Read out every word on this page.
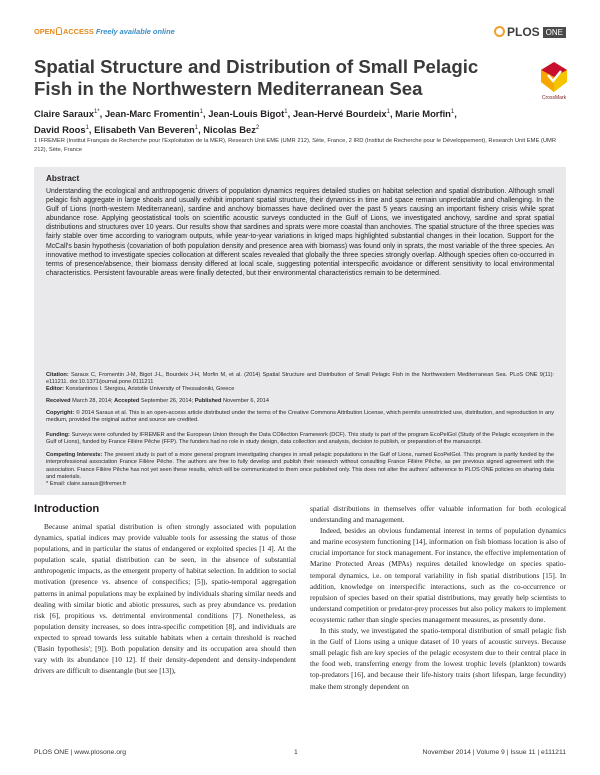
OPEN ACCESS Freely available online	PLOS ONE
Spatial Structure and Distribution of Small Pelagic Fish in the Northwestern Mediterranean Sea	CrossMark
Claire Saraux$^{1*}$, Jean-Marc Fromentin$^1$, Jean-Louis Bigot$^1$, Jean-Hervé Bourdeix$^1$, Marie Morfin$^1$,
David Roos$^1$, Elisabeth Van Beveren$^1$, Nicolas Bez$^2$
1 IFREMER (Institut Français de Recherche pour l'Exploitation de la MER), Research Unit EME (UMR 212), Sète, France, 2 IRD (Institut de Recherche pour le Développement), Research Unit EME (UMR 212), Sète, France
Abstract
Understanding the ecological and anthropogenic drivers of population dynamics requires detailed studies on habitat selection and spatial distribution. Although small pelagic fish aggregate in large shoals and usually exhibit important spatial structure, their dynamics in time and space remain unpredictable and challenging. In the Gulf of Lions (north-western Mediterranean), sardine and anchovy biomasses have declined over the past 5 years causing an important fishery crisis while sprat abundance rose. Applying geostatistical tools on scientific acoustic surveys conducted in the Gulf of Lions, we investigated anchovy, sardine and sprat spatial distributions and structures over 10 years. Our results show that sardines and sprats were more coastal than anchovies. The spatial structure of the three species was fairly stable over time according to variogram outputs, while year-to-year variations in kriged maps highlighted substantial changes in their location. Support for the McCall's basin hypothesis (covariation of both population density and presence area with biomass) was found only in sprats, the most variable of the three species. An innovative method to investigate species collocation at different scales revealed that globally the three species strongly overlap. Although species often co-occurred in terms of presence/absence, their biomass density differed at local scale, suggesting potential interspecific avoidance or different sensitivity to local environmental characteristics. Persistent favourable areas were finally detected, but their environmental characteristics remain to be determined.
Citation: Saraux C, Fromentin J-M, Bigot J-L, Bourdeix J-H, Morfin M, et al. (2014) Spatial Structure and Distribution of Small Pelagic Fish in the Northwestern Mediterranean Sea. PLoS ONE 9(11): e111211. doi:10.1371/journal.pone.0111211
Editor: Konstantinos I. Stergiou, Aristotle University of Thessaloniki, Greece
Copyright: © 2014 Saraux et al. This is an open-access article distributed under the terms of the Creative Commons Attribution License, which permits unrestricted use, distribution, and reproduction in any medium, provided the original author and source are credited.
Funding: Surveys were cofunded by IFREMER and the European Union through the Data COllection Framework (DCF). This study is part of the program EcoPelGol (Study of the Pelagic ecosystem in the Gulf of Lions), funded by France Filière Pêche (FFP). The funders had no role in study design, data collection and analysis, decision to publish, or preparation of the manuscript.
Competing Interests: The present study is part of a more general program investigating changes in small pelagic populations in the Gulf of Lions, named EcoPelGol. This program is partly funded by the interprofessional association France Filière Pêche. The authors are free to fully develop and publish their research without consulting France Filière Pêche, as per previous signed agreement with the association. France Filière Pêche has not yet seen these results, which will be communicated to them once published only. This does not alter the authors' adherence to PLOS ONE policies on sharing data and materials.
Received March 28, 2014; Accepted September 26, 2014; Published November 6, 2014
* Email: claire.saraux@ifremer.fr
Introduction

Because animal spatial distribution is often strongly associated with population dynamics, spatial indices may provide valuable tools for assessing the status of those populations, and in particular the status of endangered or exploited species [1 4]. At the population scale, spatial distribution can be seen, in the absence of substantial anthropogenic impacts, as the emergent property of habitat selection. In addition to social motivation (presence vs. absence of conspecifics; [5]), spatio-temporal aggregation patterns in animal populations may be explained by individuals sharing similar needs and dealing with similar biotic and abiotic pressures, such as prey abundance vs. predation risk [6], propitious vs. detrimental environmental conditions [7]. Nonetheless, as population density increases, so does intra-specific competition [8], and individuals are expected to spread towards less suitable habitats when a certain threshold is reached ('Basin hypothesis'; [9]). Both population density and its occupation area should then vary with its abundance [10 12]. If their density-dependent and density-independent drivers are difficult to disentangle (but see [13]),

spatial distributions in themselves offer valuable information for both ecological understanding and management.

Indeed, besides an obvious fundamental interest in terms of population dynamics and marine ecosystem functioning [14], information on fish biomass location is also of crucial importance for stock management. For instance, the effective implementation of Marine Protected Areas (MPAs) requires detailed knowledge on species spatio-temporal dynamics, i.e. on temporal variability in fish spatial distributions [15]. In addition, knowledge on interspecific interactions, such as the co-occurrence or repulsion of species based on their spatial distributions, may greatly help scientists to understand competition or predator-prey processes but also policy makers to implement ecosystemic rather than single species management measures, as presently done.

In this study, we investigated the spatio-temporal distribution of small pelagic fish in the Gulf of Lions using a unique dataset of 10 years of acoustic surveys. Because small pelagic fish are key species of the pelagic ecosystem due to their central place in the food web, transferring energy from the lowest trophic levels (plankton) towards top-predators [16], and because their life-history traits (short lifespan, large fecundity) make them strongly dependent on

PLOS ONE | www.plosone.org	1	November 2014 | Volume 9 | Issue 11 | e111211
